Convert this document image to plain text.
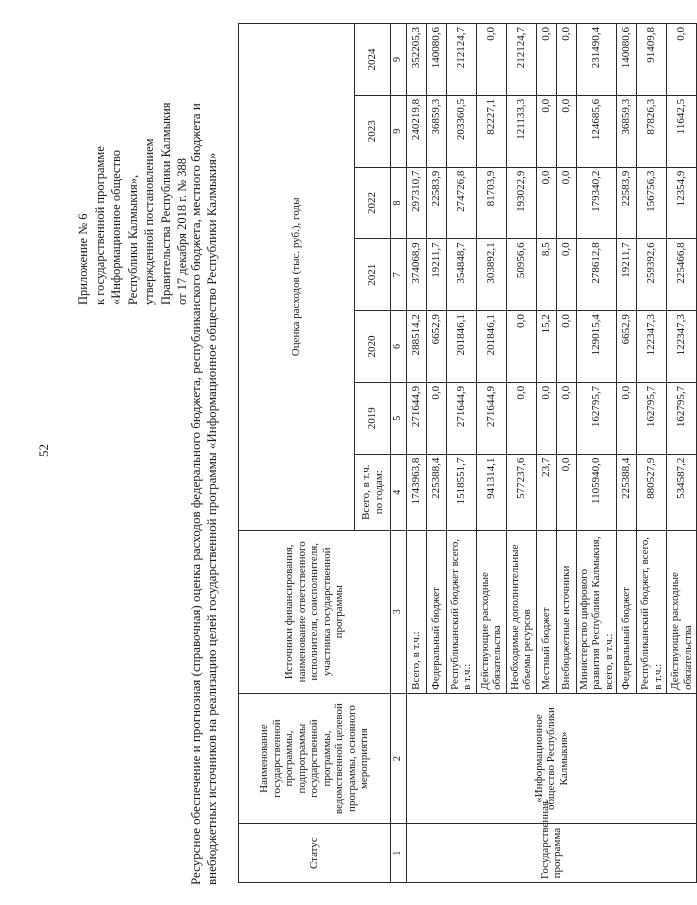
52
Приложение № 6 к государственной программе «Информационное общество Республики Калмыкия», утвержденной постановлением Правительства Республики Калмыкия от 17 декабря 2018 г. № 388 Ресурсное обеспечение и прогнозная (справочная) оценка расходов федерального бюджета, республиканского бюджета, местного бюджета и внебюджетных источников на реализацию целей государственной программы «Информационное общество Республики Калмыкия»	Статус	Наименование государственной программы, подпрограммы государственной программы, ведомственной целевой программы, основного мероприятия	Источники финансирования, наименование ответственного исполнителя, соисполнителя, участника государственной программы	Оценка расходов (тыс. руб.), годы						
			Всего, в т.ч. по годам:	2019	2020	2021	2022	2023	2024
1	2	3	4	5	6	7	8	9	9
Государственная программа	«Информационное общество Республики Калмыкия»	Всего, в т.ч.:	1743963,8	271644,9	288514,2	374068,9	297310,7	240219,8	352205,3
		Федеральный бюджет	225388,4	0,0	6652,9	19211,7	22583,9	36859,3	140080,6
		Республиканский бюджет всего, в т.ч.:	1518551,7	271644,9	201846,1	354848,7	274726,8	203360,5	212124,7
		Действующие расходные обязательства	941314,1	271644,9	201846,1	303892,1	81703,9	82227,1	0,0
		Необходимые дополнительные объемы ресурсов	577237,6	0,0	0,0	50956,6	193022,9	121133,3	212124,7
		Местный бюджет	23,7	0,0	15,2	8,5	0,0	0,0	0,0
		Внебюджетные источники	0,0	0,0	0,0	0,0	0,0	0,0	0,0
		Министерство цифрового развития Республики Калмыкия, всего, в т.ч.:	1105940,0	162795,7	129015,4	278612,8	179340,2	124685,6	231490,4
		Федеральный бюджет	225388,4	0,0	6652,9	19211,7	22583,9	36859,3	140080,6
		Республиканский бюджет, всего, в т.ч.:	880527,9	162795,7	122347,3	259392,6	156756,3	87826,3	91409,8
		Действующие расходные обязательства	534587,2	162795,7	122347,3	225466,8	12354,9	11642,5	0,0
